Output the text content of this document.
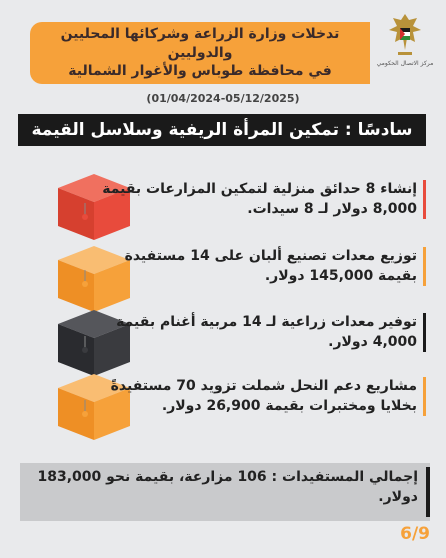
تدخلات وزارة الزراعة وشركائها المحليين والدوليين
في محافظة طوباس والأغوار الشمالية	مركز الاتصال الحكومي
(01/04/2024-05/12/2025)
سادسًا : تمكين المرأة الريفية وسلاسل القيمة
إنشاء 8 حدائق منزلية لتمكين المزارعات بقيمة 8,000 دولار لـ 8 سيدات.
توزيع معدات تصنيع ألبان على 14 مستفيدة بقيمة 145,000 دولار.
توفير معدات زراعية لـ 14 مربية أغنام بقيمة 4,000 دولار.
مشاريع دعم النحل شملت تزويد 70 مستفيدةً بخلايا ومختبرات بقيمة 26,900 دولار.
إجمالي المستفيدات : 106 مزارعة، بقيمة نحو 183,000 دولار.
6/9
